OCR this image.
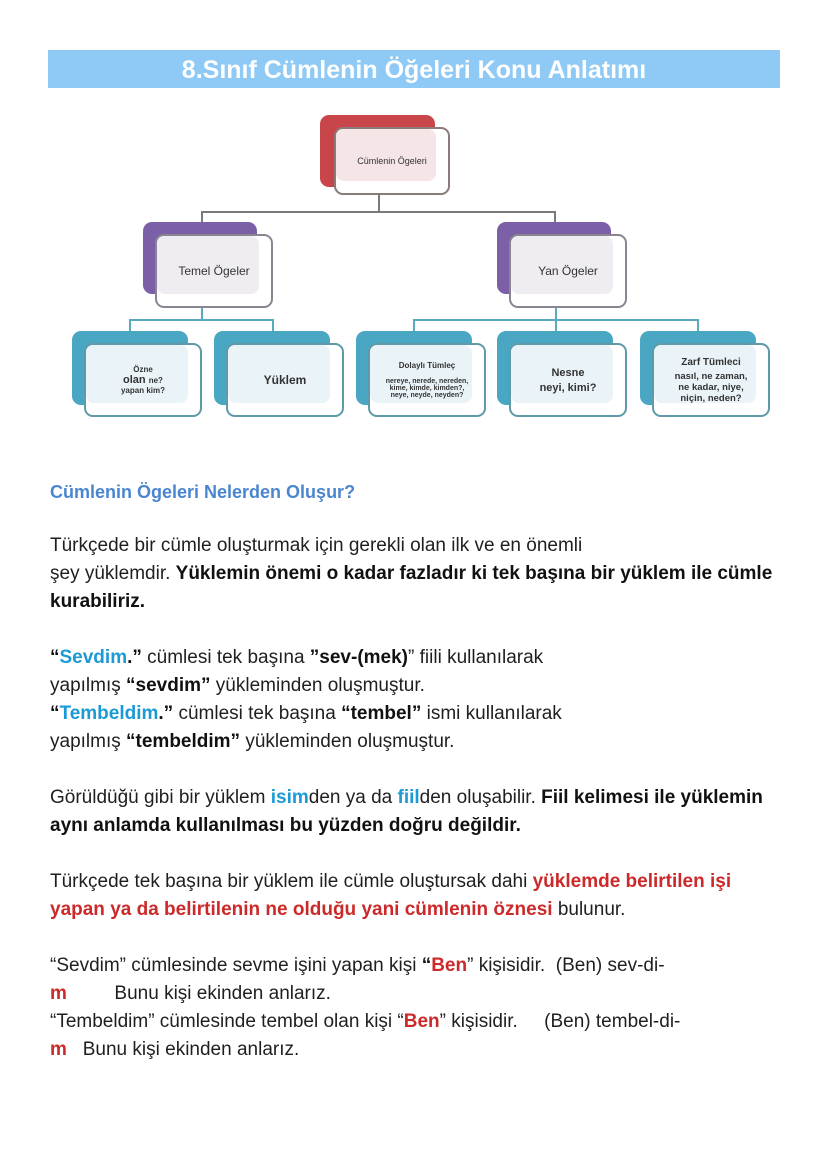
8.Sınıf Cümlenin Öğeleri Konu Anlatımı
Cümlenin Ögeleri
Temel Ögeler	Yan Ögeler
Özne
olan ne?
yapan kim?
Yüklem
Dolaylı Tümleç
nereye, nerede, nereden,
kime, kimde, kimden?,
neye, neyde, neyden?
Nesne
neyi, kimi?
Zarf Tümleci
nasıl, ne zaman,
ne kadar, niye,
niçin, neden?
Cümlenin Ögeleri Nelerden Oluşur?

Türkçede bir cümle oluşturmak için gerekli olan ilk ve en önemli
şey yüklemdir. Yüklemin önemi o kadar fazladır ki tek başına bir yüklem ile cümle kurabiliriz.

“Sevdim.” cümlesi tek başına ”sev-(mek)” fiili kullanılarak
yapılmış “sevdim” yükleminden oluşmuştur.
“Tembeldim.” cümlesi tek başına “tembel” ismi kullanılarak
yapılmış “tembeldim” yükleminden oluşmuştur.

Görüldüğü gibi bir yüklem isimden ya da fiilden oluşabilir. Fiil kelimesi ile yüklemin aynı anlamda kullanılması bu yüzden doğru değildir.

Türkçede tek başına bir yüklem ile cümle oluştursak dahi yüklemde belirtilen işi yapan ya da belirtilenin ne olduğu yani cümlenin öznesi bulunur.

“Sevdim” cümlesinde sevme işini yapan kişi “Ben” kişisidir.  (Ben) sev-di-
m	Bunu kişi ekinden anlarız.
“Tembeldim” cümlesinde tembel olan kişi “Ben” kişisidir.     (Ben) tembel-di-
m Bunu kişi ekinden anlarız.
